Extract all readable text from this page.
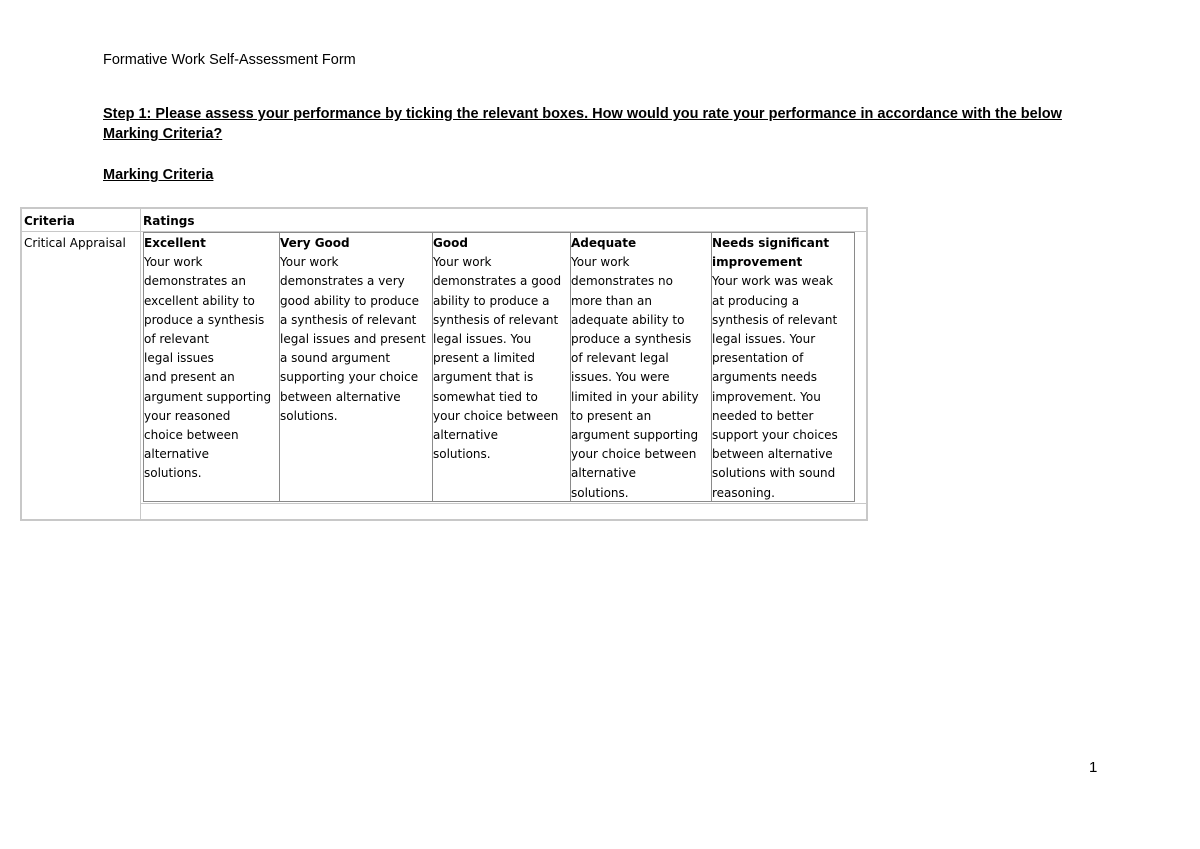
Formative Work Self-Assessment Form
Step 1: Please assess your performance by ticking the relevant boxes. How would you rate your performance in accordance with the below Marking Criteria?
Marking Criteria
Criteria	Ratings
Critical Appraisal Excellent
Your work
demonstrates an
excellent ability to
produce a synthesis
of relevant
legal issues
and present an
argument supporting
your reasoned
choice between
alternative
solutions.
Very Good
Your work
demonstrates a very
good ability to produce
a synthesis of relevant
legal issues and present
a sound argument
supporting your choice
between alternative
solutions.
Good
Your work
demonstrates a good
ability to produce a
synthesis of relevant
legal issues. You
present a limited
argument that is
somewhat tied to
your choice between
alternative
solutions.
Adequate
Your work
demonstrates no
more than an
adequate ability to
produce a synthesis
of relevant legal
issues. You were
limited in your ability
to present an
argument supporting
your choice between
alternative
solutions.
Needs significant
improvement
Your work was weak
at producing a
synthesis of relevant
legal issues. Your
presentation of
arguments needs
improvement. You
needed to better
support your choices
between alternative
solutions with sound
reasoning.
1
